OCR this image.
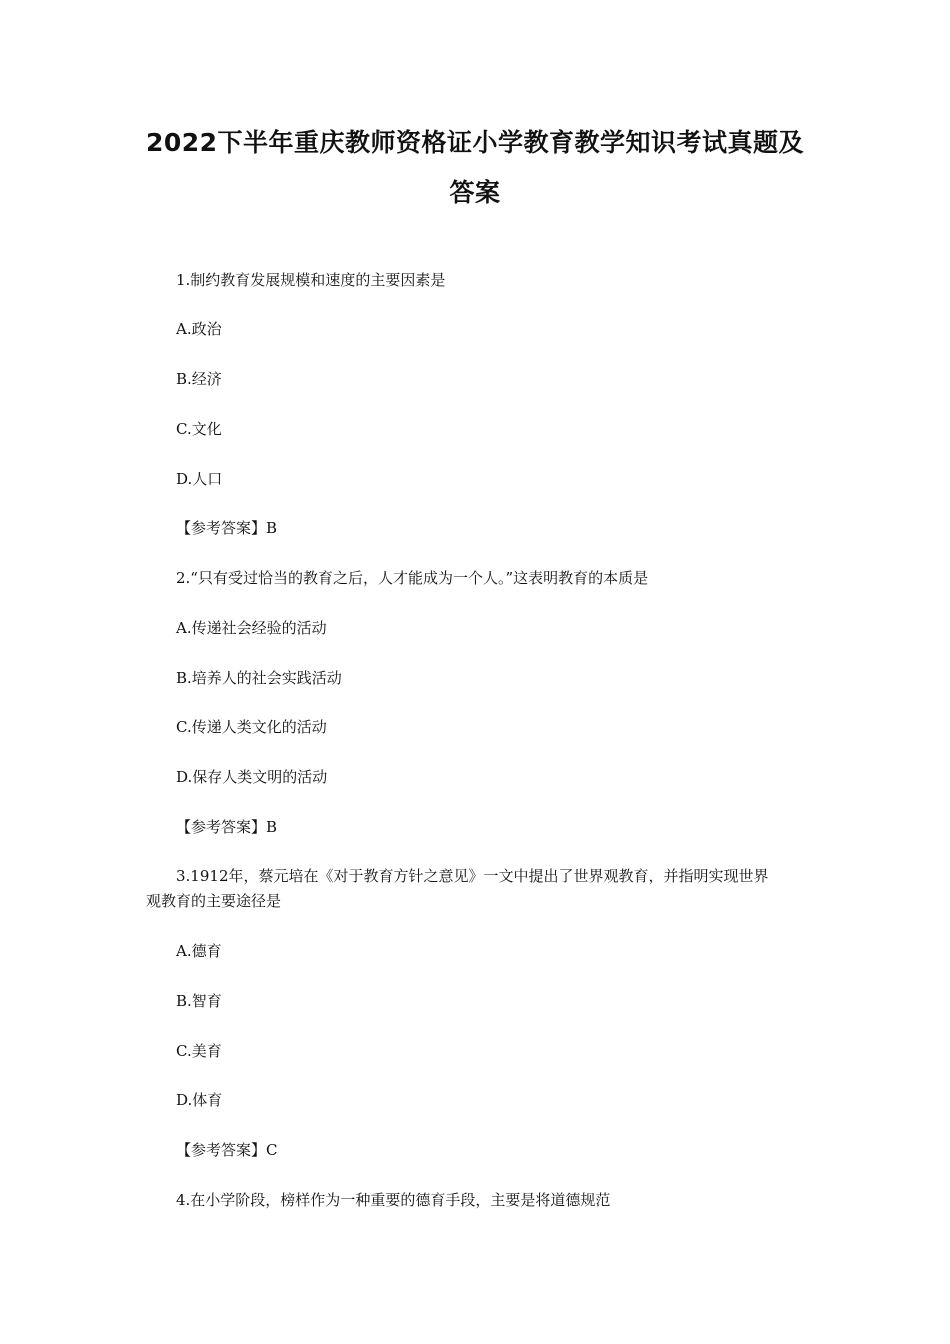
2022下半年重庆教师资格证小学教育教学知识考试真题及
答案
1.制约教育发展规模和速度的主要因素是
A.政治
B.经济
C.文化
D.人口
【参考答案】B
2.“只有受过恰当的教育之后，人才能成为一个人。”这表明教育的本质是
A.传递社会经验的活动
B.培养人的社会实践活动
C.传递人类文化的活动
D.保存人类文明的活动
【参考答案】B
3.1912年，蔡元培在《对于教育方针之意见》一文中提出了世界观教育，并指明实现世界
观教育的主要途径是
A.德育
B.智育
C.美育
D.体育
【参考答案】C
4.在小学阶段，榜样作为一种重要的德育手段，主要是将道德规范
